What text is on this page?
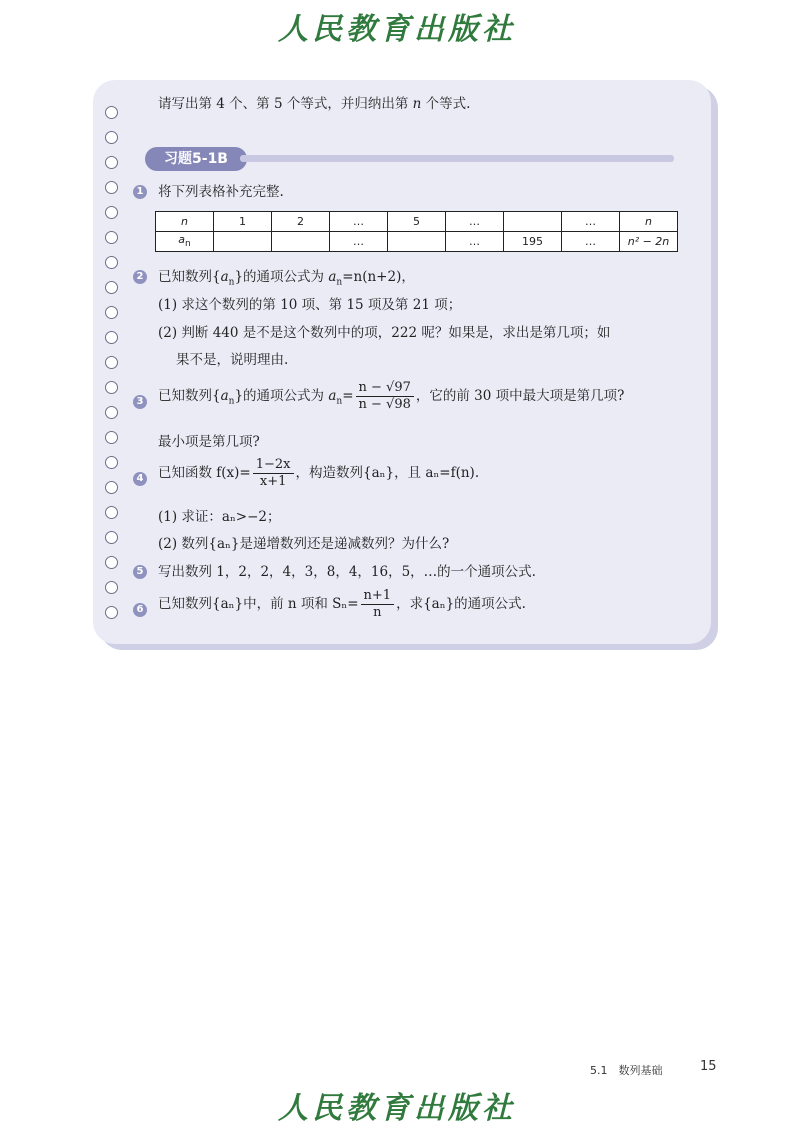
人民教育出版社
请写出第 4 个、第 5 个等式，并归纳出第 n 个等式.
习题5-1B
1 将下列表格补充完整.
n	1	2	…	5	…		…	n
$a_n$			…		…	195	…	n² − 2n
2 已知数列$\{a_n\}$的通项公式为 $a_n=n(n+2)$，
(1) 求这个数列的第 10 项、第 15 项及第 21 项；
(2) 判断 440 是不是这个数列中的项，222 呢？如果是，求出是第几项；如
果不是，说明理由.
3 已知数列$\{a_n\}$的通项公式为 $a_n= \frac{n - √97}{n - √98}$ ，它的前 30 项中最大项是第几项?
最小项是第几项?
4 已知函数 $f(x)= \frac{1-2x}{x+1}$ ，构造数列{aₙ}，且 aₙ=f(n).
(1) 求证：aₙ>−2；
(2) 数列{aₙ}是递增数列还是递减数列？为什么?
5 写出数列 1，2，2，4，3，8，4，16，5，…的一个通项公式.
6 已知数列{aₙ}中，前 n 项和 $S_n= \frac{n+1}{n}$ ，求{aₙ}的通项公式.
5.1　数列基础	15
人民教育出版社
